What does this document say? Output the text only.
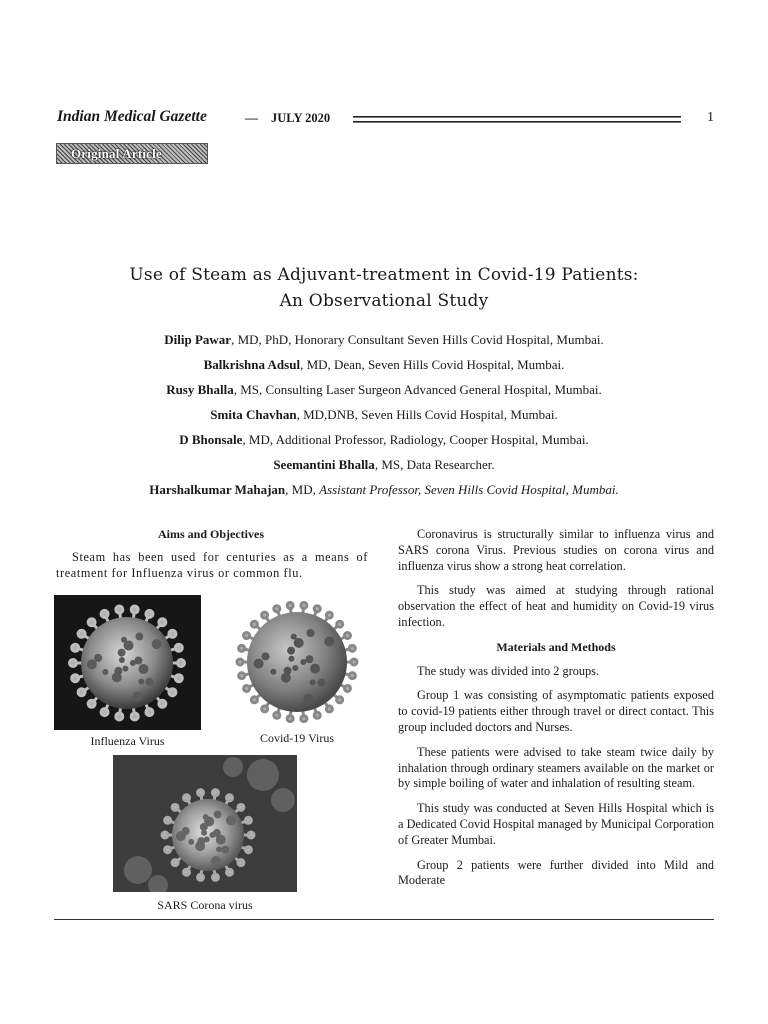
Indian Medical Gazette	— JULY 2020	1
Original Article
Use of Steam as Adjuvant-treatment in Covid-19 Patients:
An Observational Study
Dilip Pawar, MD, PhD, Honorary Consultant Seven Hills Covid Hospital, Mumbai.
Balkrishna Adsul, MD, Dean, Seven Hills Covid Hospital, Mumbai.
Rusy Bhalla, MS, Consulting Laser Surgeon Advanced General Hospital, Mumbai.
Smita Chavhan, MD,DNB, Seven Hills Covid Hospital, Mumbai.
D Bhonsale, MD, Additional Professor, Radiology, Cooper Hospital, Mumbai.
Seemantini Bhalla, MS, Data Researcher.
Harshalkumar Mahajan, MD, Assistant Professor, Seven Hills Covid Hospital, Mumbai.
Aims and Objectives
Steam has been used for centuries as a means of treatment for Influenza virus or common flu.
Influenza Virus	Covid-19 Virus
SARS Corona virus

Coronavirus is structurally similar to influenza virus and SARS corona Virus. Previous studies on corona virus and influenza virus show a strong heat correlation.

This study was aimed at studying through rational observation the effect of heat and humidity on Covid-19 virus infection.

Materials and Methods

The study was divided into 2 groups.

Group 1 was consisting of asymptomatic patients exposed to covid-19 patients either through travel or direct contact. This group included doctors and Nurses.

These patients were advised to take steam twice daily by inhalation through ordinary steamers available on the market or by simple boiling of water and inhalation of resulting steam.

This study was conducted at Seven Hills Hospital which is a Dedicated Covid Hospital managed by Municipal Corporation of Greater Mumbai.

Group 2 patients were further divided into Mild and Moderate
